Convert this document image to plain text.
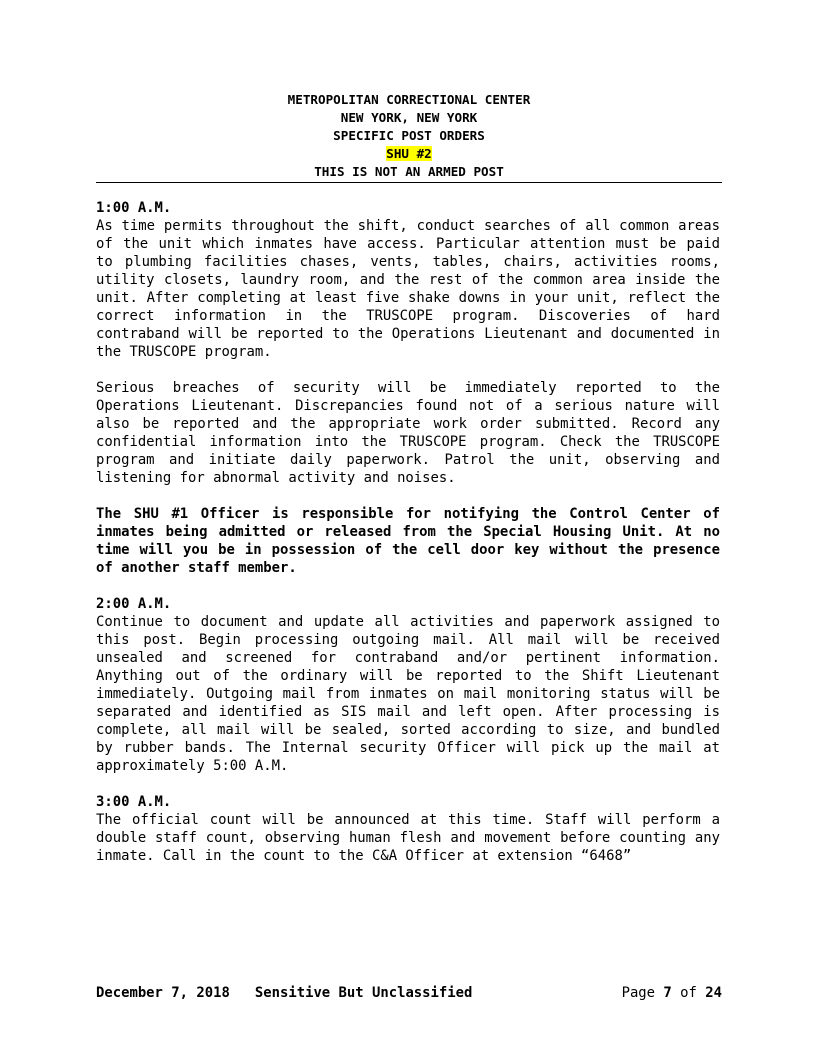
METROPOLITAN CORRECTIONAL CENTER
NEW YORK, NEW YORK
SPECIFIC POST ORDERS
SHU #2
THIS IS NOT AN ARMED POST

1:00 A.M.

As time permits throughout the shift, conduct searches of all common areas of the unit which inmates have access. Particular attention must be paid to plumbing facilities chases, vents, tables, chairs, activities rooms, utility closets, laundry room, and the rest of the common area inside the unit. After completing at least five shake downs in your unit, reflect the correct information in the TRUSCOPE program. Discoveries of hard contraband will be reported to the Operations Lieutenant and documented in the TRUSCOPE program.

Serious breaches of security will be immediately reported to the Operations Lieutenant. Discrepancies found not of a serious nature will also be reported and the appropriate work order submitted. Record any confidential information into the TRUSCOPE program. Check the TRUSCOPE program and initiate daily paperwork. Patrol the unit, observing and listening for abnormal activity and noises.

The SHU #1 Officer is responsible for notifying the Control Center of inmates being admitted or released from the Special Housing Unit. At no time will you be in possession of the cell door key without the presence of another staff member.

2:00 A.M.

Continue to document and update all activities and paperwork assigned to this post. Begin processing outgoing mail. All mail will be received unsealed and screened for contraband and/or pertinent information. Anything out of the ordinary will be reported to the Shift Lieutenant immediately. Outgoing mail from inmates on mail monitoring status will be separated and identified as SIS mail and left open. After processing is complete, all mail will be sealed, sorted according to size, and bundled by rubber bands. The Internal security Officer will pick up the mail at approximately 5:00 A.M.

3:00 A.M.

The official count will be announced at this time. Staff will perform a double staff count, observing human flesh and movement before counting any inmate. Call in the count to the C&A Officer at extension “6468”

December 7, 2018 Sensitive But Unclassified	Page 7 of 24
